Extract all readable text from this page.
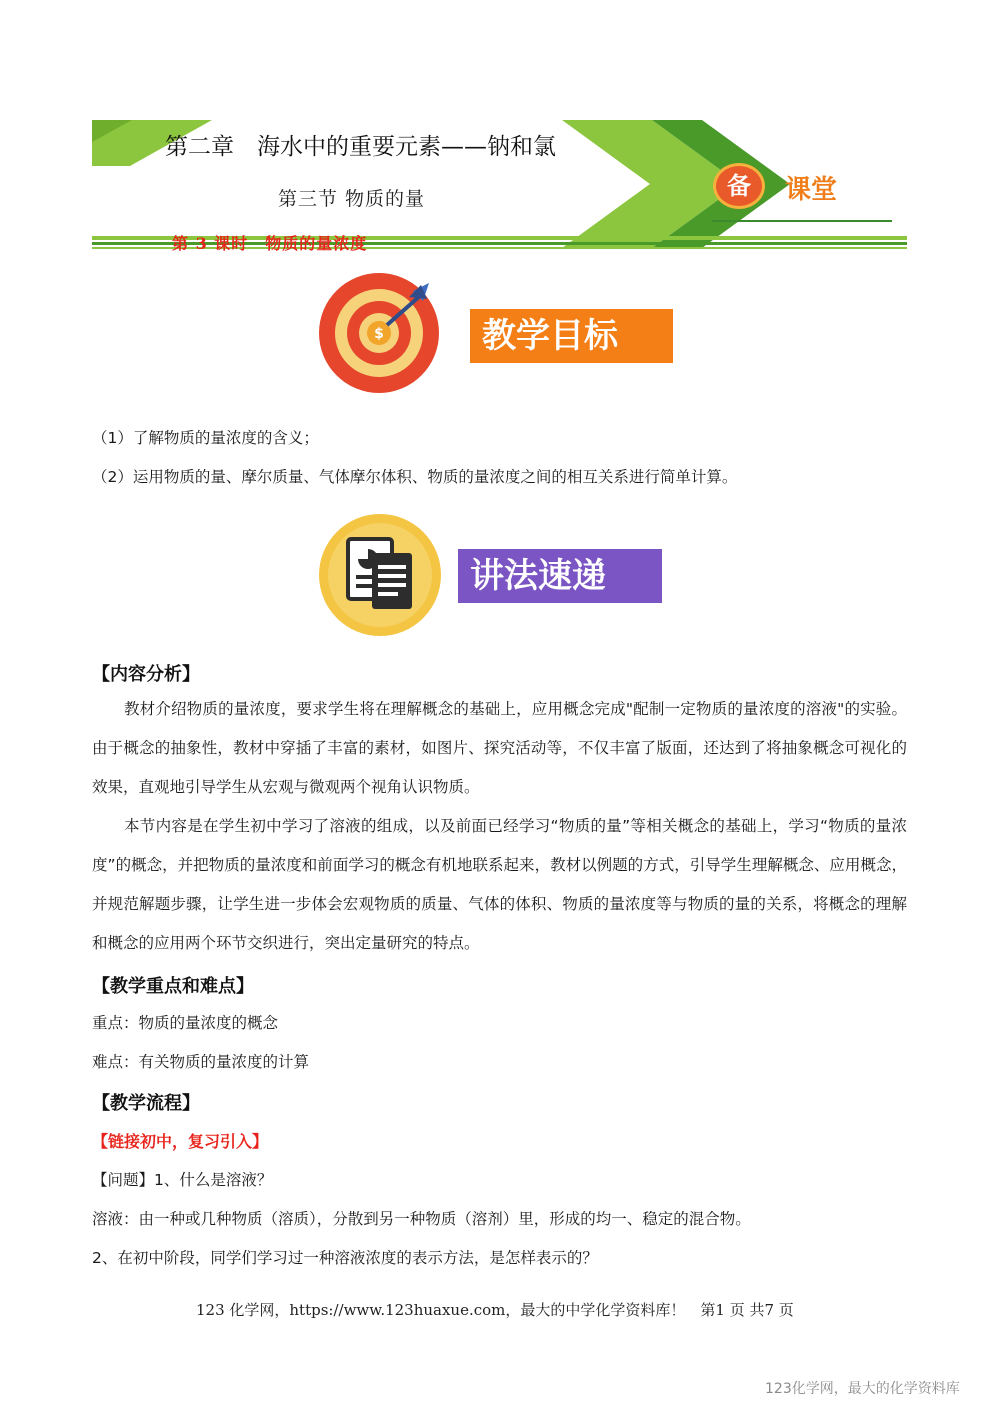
第二章　海水中的重要元素——钠和氯
第三节 物质的量
第 3 课时　物质的量浓度
备	课堂
$	教学目标
（1）了解物质的量浓度的含义；
（2）运用物质的量、摩尔质量、气体摩尔体积、物质的量浓度之间的相互关系进行简单计算。
讲法速递
【内容分析】

教材介绍物质的量浓度，要求学生将在理解概念的基础上，应用概念完成"配制一定物质的量浓度的溶液"的实验。由于概念的抽象性，教材中穿插了丰富的素材，如图片、探究活动等，不仅丰富了版面，还达到了将抽象概念可视化的效果，直观地引导学生从宏观与微观两个视角认识物质。

本节内容是在学生初中学习了溶液的组成，以及前面已经学习“物质的量”等相关概念的基础上，学习“物质的量浓度”的概念，并把物质的量浓度和前面学习的概念有机地联系起来，教材以例题的方式，引导学生理解概念、应用概念，并规范解题步骤，让学生进一步体会宏观物质的质量、气体的体积、物质的量浓度等与物质的量的关系，将概念的理解和概念的应用两个环节交织进行，突出定量研究的特点。

【教学重点和难点】
重点：物质的量浓度的概念
难点：有关物质的量浓度的计算
【教学流程】
【链接初中，复习引入】
【问题】1、什么是溶液？
溶液：由一种或几种物质（溶质），分散到另一种物质（溶剂）里，形成的均一、稳定的混合物。
2、在初中阶段，同学们学习过一种溶液浓度的表示方法，是怎样表示的？
123 化学网，https://www.123huaxue.com，最大的中学化学资料库！　第1 页 共7 页
123化学网，最大的化学资料库
